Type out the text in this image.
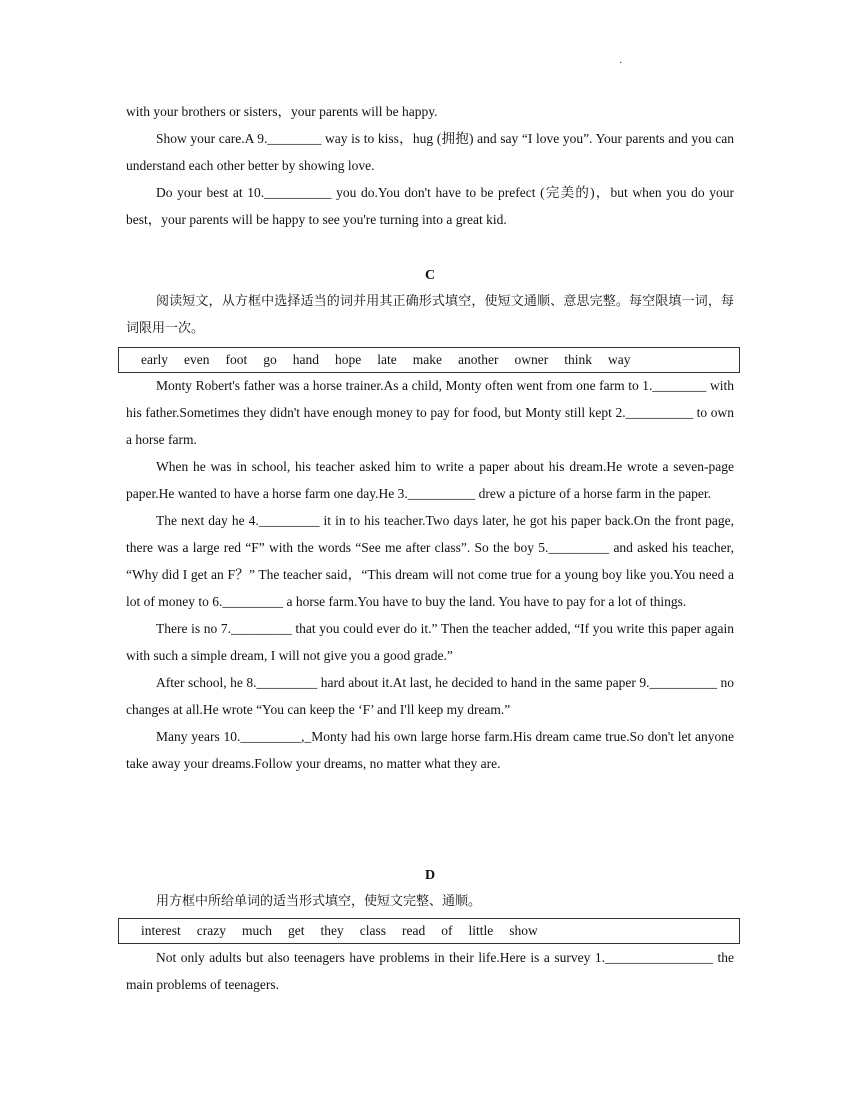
·

with your brothers or sisters，your parents will be happy.

Show your care.A 9.________ way is to kiss，hug (拥抱) and say “I love you”. Your parents and you can understand each other better by showing love.

Do your best at 10.__________ you do.You don't have to be prefect (完美的)，but when you do your best，your parents will be happy to see you're turning into a great kid.

C

阅读短文，从方框中选择适当的词并用其正确形式填空，使短文通顺、意思完整。每空限填一词，每词限用一次。

early even foot go hand hope late make another owner think way

Monty Robert's father was a horse trainer.As a child, Monty often went from one farm to 1.________ with his father.Sometimes they didn't have enough money to pay for food, but Monty still kept 2.__________ to own a horse farm.

When he was in school, his teacher asked him to write a paper about his dream.He wrote a seven-page paper.He wanted to have a horse farm one day.He 3.__________ drew a picture of a horse farm in the paper.

The next day he 4._________ it in to his teacher.Two days later, he got his paper back.On the front page, there was a large red “F” with the words “See me after class”. So the boy 5._________ and asked his teacher, “Why did I get an F？” The teacher said，“This dream will not come true for a young boy like you.You need a lot of money to 6._________ a horse farm.You have to buy the land. You have to pay for a lot of things.

There is no 7._________ that you could ever do it.” Then the teacher added, “If you write this paper again with such a simple dream, I will not give you a good grade.”

After school, he 8._________ hard about it.At last, he decided to hand in the same paper 9.__________ no changes at all.He wrote “You can keep the ‘F’ and I'll keep my dream.”

Many years 10._________,_Monty had his own large horse farm.His dream came true.So don't let anyone take away your dreams.Follow your dreams, no matter what they are.

D

用方框中所给单词的适当形式填空，使短文完整、通顺。

interest crazy much get they class read of little show

Not only adults but also teenagers have problems in their life.Here is a survey 1.________________ the main problems of teenagers.
